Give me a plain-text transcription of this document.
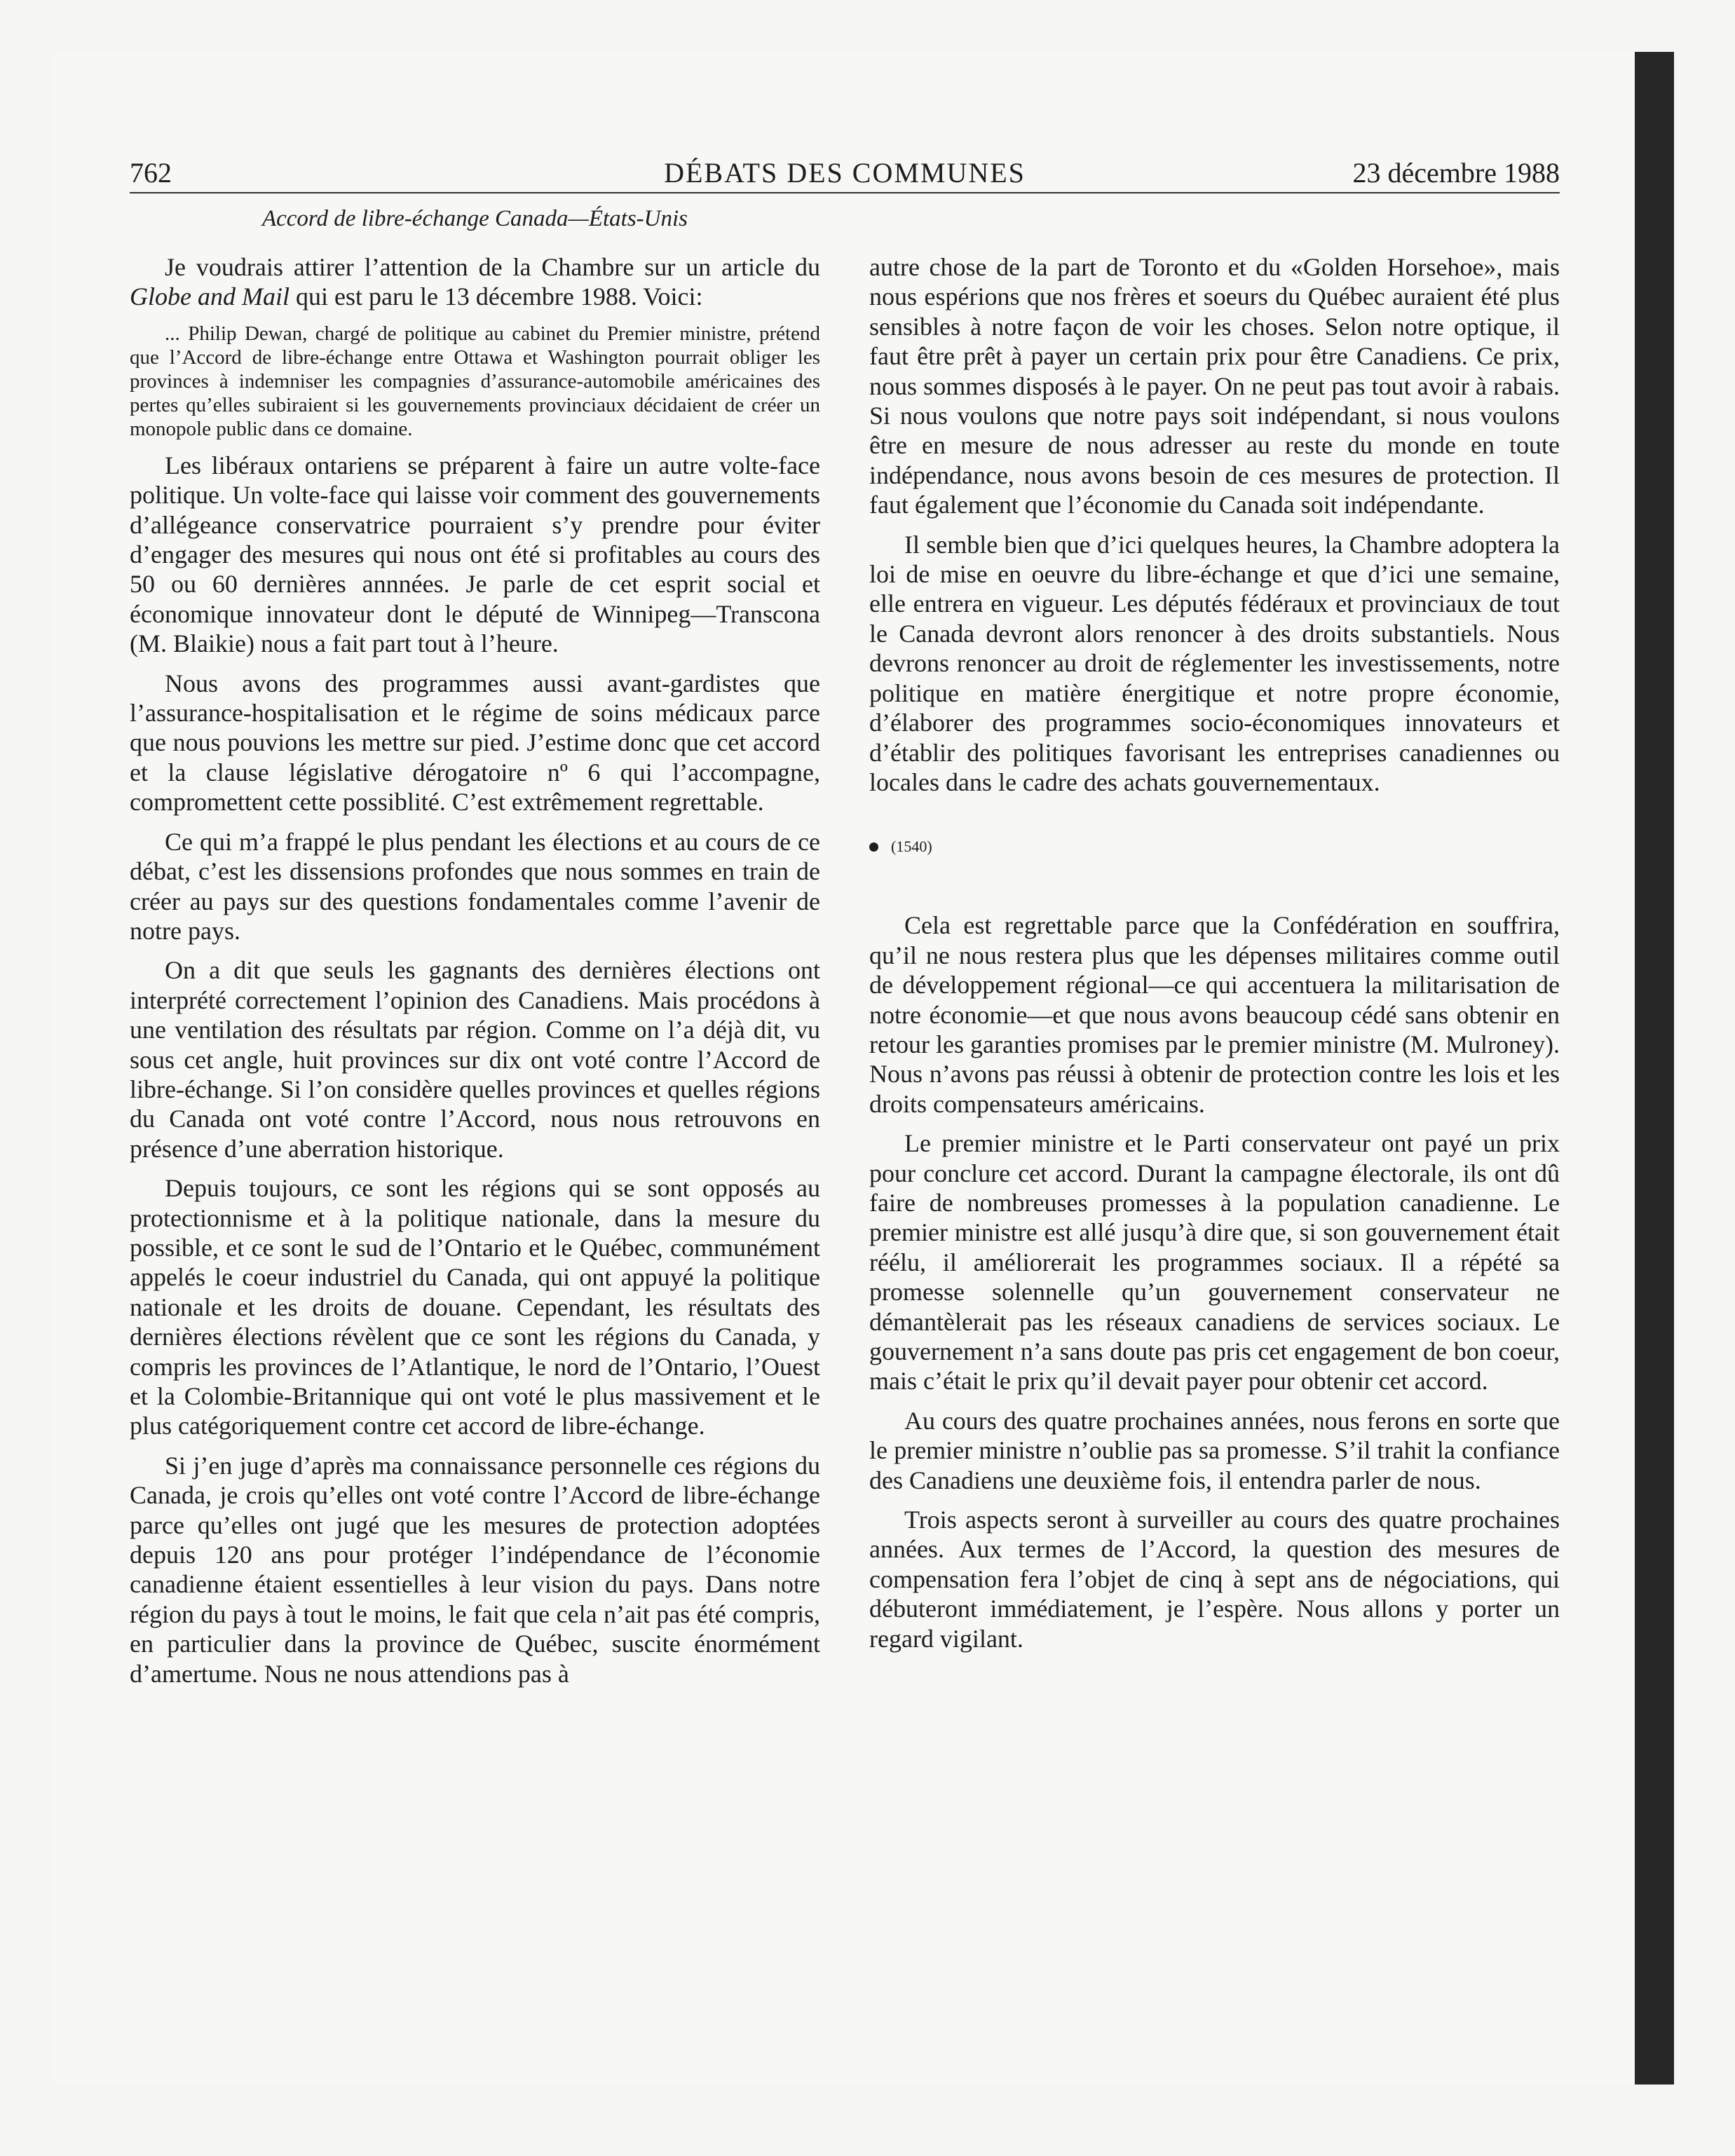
762	DÉBATS DES COMMUNES	23 décembre 1988
Accord de libre-échange Canada—États-Unis

Je voudrais attirer l’attention de la Chambre sur un article du Globe and Mail qui est paru le 13 décembre 1988. Voici:

... Philip Dewan, chargé de politique au cabinet du Premier ministre, prétend que l’Accord de libre-échange entre Ottawa et Washington pourrait obliger les provinces à indemniser les compagnies d’assurance-automobile américaines des pertes qu’elles subiraient si les gouvernements provinciaux décidaient de créer un monopole public dans ce domaine.

Les libéraux ontariens se préparent à faire un autre volte-face politique. Un volte-face qui laisse voir comment des gouvernements d’allégeance conservatrice pourraient s’y prendre pour éviter d’engager des mesures qui nous ont été si profitables au cours des 50 ou 60 dernières annnées. Je parle de cet esprit social et économique innovateur dont le député de Winnipeg—Transcona (M. Blaikie) nous a fait part tout à l’heure.

Nous avons des programmes aussi avant-gardistes que l’assurance-hospitalisation et le régime de soins médicaux parce que nous pouvions les mettre sur pied. J’estime donc que cet accord et la clause législative dérogatoire nº 6 qui l’accompagne, compromettent cette possiblité. C’est extrêmement regrettable.

Ce qui m’a frappé le plus pendant les élections et au cours de ce débat, c’est les dissensions profondes que nous sommes en train de créer au pays sur des questions fondamentales comme l’avenir de notre pays.

On a dit que seuls les gagnants des dernières élections ont interprété correctement l’opinion des Canadiens. Mais procédons à une ventilation des résultats par région. Comme on l’a déjà dit, vu sous cet angle, huit provinces sur dix ont voté contre l’Accord de libre-échange. Si l’on considère quelles provinces et quelles régions du Canada ont voté contre l’Accord, nous nous retrouvons en présence d’une aberration historique.

Depuis toujours, ce sont les régions qui se sont opposés au protectionnisme et à la politique nationale, dans la mesure du possible, et ce sont le sud de l’Ontario et le Québec, communément appelés le coeur industriel du Canada, qui ont appuyé la politique nationale et les droits de douane. Cependant, les résultats des dernières élections révèlent que ce sont les régions du Canada, y compris les provinces de l’Atlantique, le nord de l’Ontario, l’Ouest et la Colombie-Britannique qui ont voté le plus massivement et le plus catégoriquement contre cet accord de libre-échange.

Si j’en juge d’après ma connaissance personnelle ces régions du Canada, je crois qu’elles ont voté contre l’Accord de libre-échange parce qu’elles ont jugé que les mesures de protection adoptées depuis 120 ans pour protéger l’indépendance de l’économie canadienne étaient essentielles à leur vision du pays. Dans notre région du pays à tout le moins, le fait que cela n’ait pas été compris, en particulier dans la province de Québec, suscite énormément d’amertume. Nous ne nous attendions pas à

autre chose de la part de Toronto et du «Golden Horsehoe», mais nous espérions que nos frères et soeurs du Québec auraient été plus sensibles à notre façon de voir les choses. Selon notre optique, il faut être prêt à payer un certain prix pour être Canadiens. Ce prix, nous sommes disposés à le payer. On ne peut pas tout avoir à rabais. Si nous voulons que notre pays soit indépendant, si nous voulons être en mesure de nous adresser au reste du monde en toute indépendance, nous avons besoin de ces mesures de protection. Il faut également que l’économie du Canada soit indépendante.

Il semble bien que d’ici quelques heures, la Chambre adoptera la loi de mise en oeuvre du libre-échange et que d’ici une semaine, elle entrera en vigueur. Les députés fédéraux et provinciaux de tout le Canada devront alors renoncer à des droits substantiels. Nous devrons renoncer au droit de réglementer les investissements, notre politique en matière énergitique et notre propre économie, d’élaborer des programmes socio-économiques innovateurs et d’établir des politiques favorisant les entreprises canadiennes ou locales dans le cadre des achats gouvernementaux.

(1540)

Cela est regrettable parce que la Confédération en souffrira, qu’il ne nous restera plus que les dépenses militaires comme outil de développement régional—ce qui accentuera la militarisation de notre économie—et que nous avons beaucoup cédé sans obtenir en retour les garanties promises par le premier ministre (M. Mulroney). Nous n’avons pas réussi à obtenir de protection contre les lois et les droits compensateurs américains.

Le premier ministre et le Parti conservateur ont payé un prix pour conclure cet accord. Durant la campagne électorale, ils ont dû faire de nombreuses promesses à la population canadienne. Le premier ministre est allé jusqu’à dire que, si son gouvernement était réélu, il améliorerait les programmes sociaux. Il a répété sa promesse solennelle qu’un gouvernement conservateur ne démantèlerait pas les réseaux canadiens de services sociaux. Le gouvernement n’a sans doute pas pris cet engagement de bon coeur, mais c’était le prix qu’il devait payer pour obtenir cet accord.

Au cours des quatre prochaines années, nous ferons en sorte que le premier ministre n’oublie pas sa promesse. S’il trahit la confiance des Canadiens une deuxième fois, il entendra parler de nous.

Trois aspects seront à surveiller au cours des quatre prochaines années. Aux termes de l’Accord, la question des mesures de compensation fera l’objet de cinq à sept ans de négociations, qui débuteront immédiatement, je l’espère. Nous allons y porter un regard vigilant.
